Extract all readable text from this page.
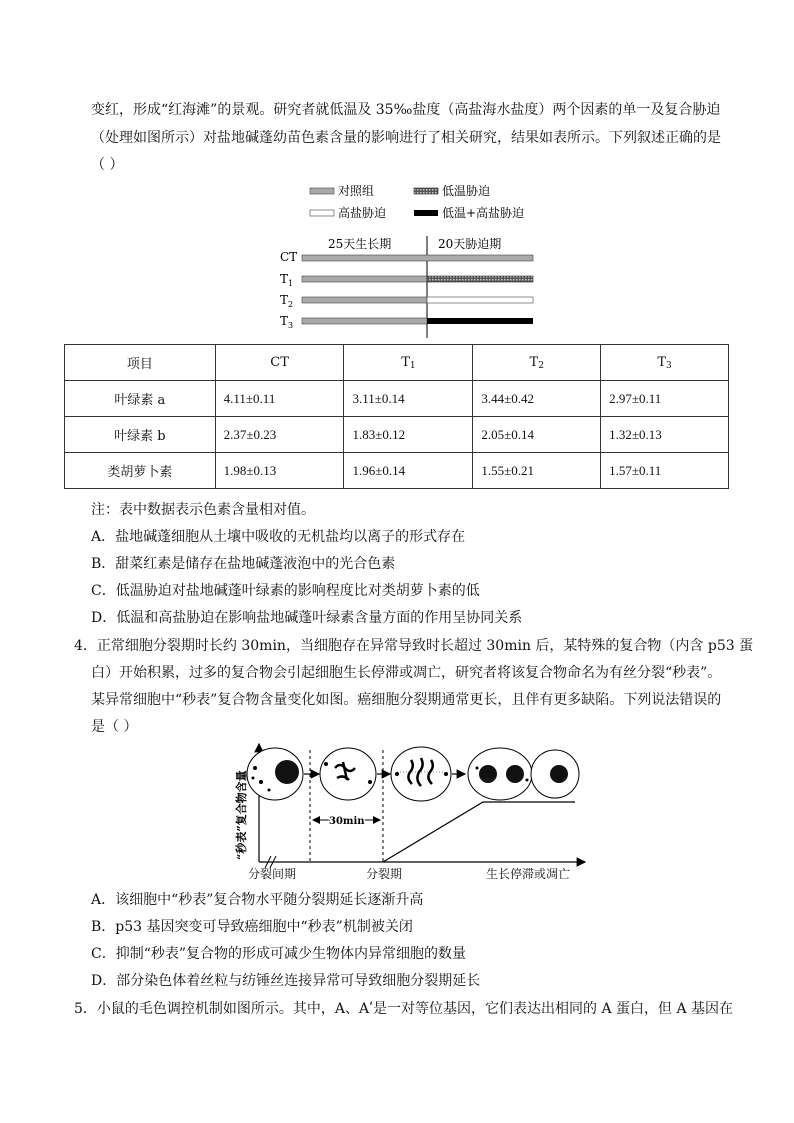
变红，形成“红海滩”的景观。研究者就低温及 35‰盐度（高盐海水盐度）两个因素的单一及复合胁迫
（处理如图所示）对盐地碱蓬幼苗色素含量的影响进行了相关研究，结果如表所示。下列叙述正确的是
（ ）
对照组	低温胁迫
高盐胁迫	低温+高盐胁迫
25天生长期	20天胁迫期
CT
$T_1$
$T_2$
$T_3$
项目	CT	$T_1$	$T_2$	$T_3$
叶绿素 a	4.11±0.11	3.11±0.14	3.44±0.42	2.97±0.11
叶绿素 b	2.37±0.23	1.83±0.12	2.05±0.14	1.32±0.13
类胡萝卜素	1.98±0.13	1.96±0.14	1.55±0.21	1.57±0.11
注：表中数据表示色素含量相对值。
A．盐地碱蓬细胞从土壤中吸收的无机盐均以离子的形式存在
B．甜菜红素是储存在盐地碱蓬液泡中的光合色素
C．低温胁迫对盐地碱蓬叶绿素的影响程度比对类胡萝卜素的低
D．低温和高盐胁迫在影响盐地碱蓬叶绿素含量方面的作用呈协同关系
4．正常细胞分裂期时长约 30min，当细胞存在异常导致时长超过 30min 后，某特殊的复合物（内含 p53 蛋
白）开始积累，过多的复合物会引起细胞生长停滞或凋亡，研究者将该复合物命名为有丝分裂“秒表”。
某异常细胞中“秒表”复合物含量变化如图。癌细胞分裂期通常更长，且伴有更多缺陷。下列说法错误的
是（ ）
“秒表”复合物含量	30min
分裂间期	分裂期	生长停滞或凋亡
A．该细胞中“秒表”复合物水平随分裂期延长逐渐升高
B．p53 基因突变可导致癌细胞中“秒表”机制被关闭
C．抑制“秒表”复合物的形成可减少生物体内异常细胞的数量
D．部分染色体着丝粒与纺锤丝连接异常可导致细胞分裂期延长
5．小鼠的毛色调控机制如图所示。其中，A、Aʹ是一对等位基因，它们表达出相同的 A 蛋白，但 A 基因在
